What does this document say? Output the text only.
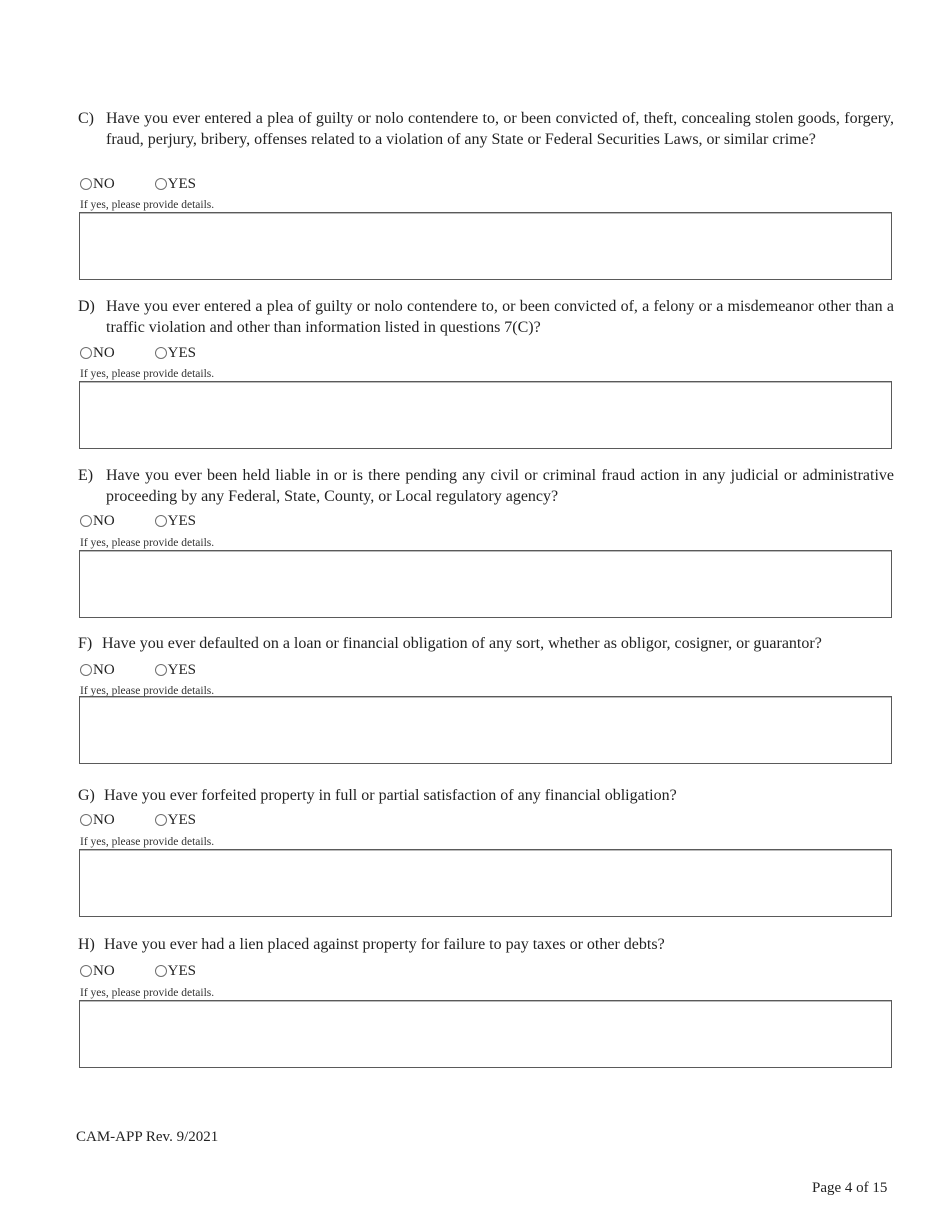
C) Have you ever entered a plea of guilty or nolo contendere to, or been convicted of, theft, concealing stolen goods, forgery, fraud, perjury, bribery, offenses related to a violation of any State or Federal Securities Laws, or similar crime?

NO	YES
If yes, please provide details.

D) Have you ever entered a plea of guilty or nolo contendere to, or been convicted of, a felony or a misdemeanor other than a traffic violation and other than information listed in questions 7(C)?

NO	YES
If yes, please provide details.

E) Have you ever been held liable in or is there pending any civil or criminal fraud action in any judicial or administrative proceeding by any Federal, State, County, or Local regulatory agency?

NO	YES
If yes, please provide details.

F) Have you ever defaulted on a loan or financial obligation of any sort, whether as obligor, cosigner, or guarantor?

NO	YES
If yes, please provide details.

G) Have you ever forfeited property in full or partial satisfaction of any financial obligation?

NO	YES
If yes, please provide details.

H) Have you ever had a lien placed against property for failure to pay taxes or other debts?

NO	YES
If yes, please provide details.
CAM-APP Rev. 9/2021
Page 4 of 15
